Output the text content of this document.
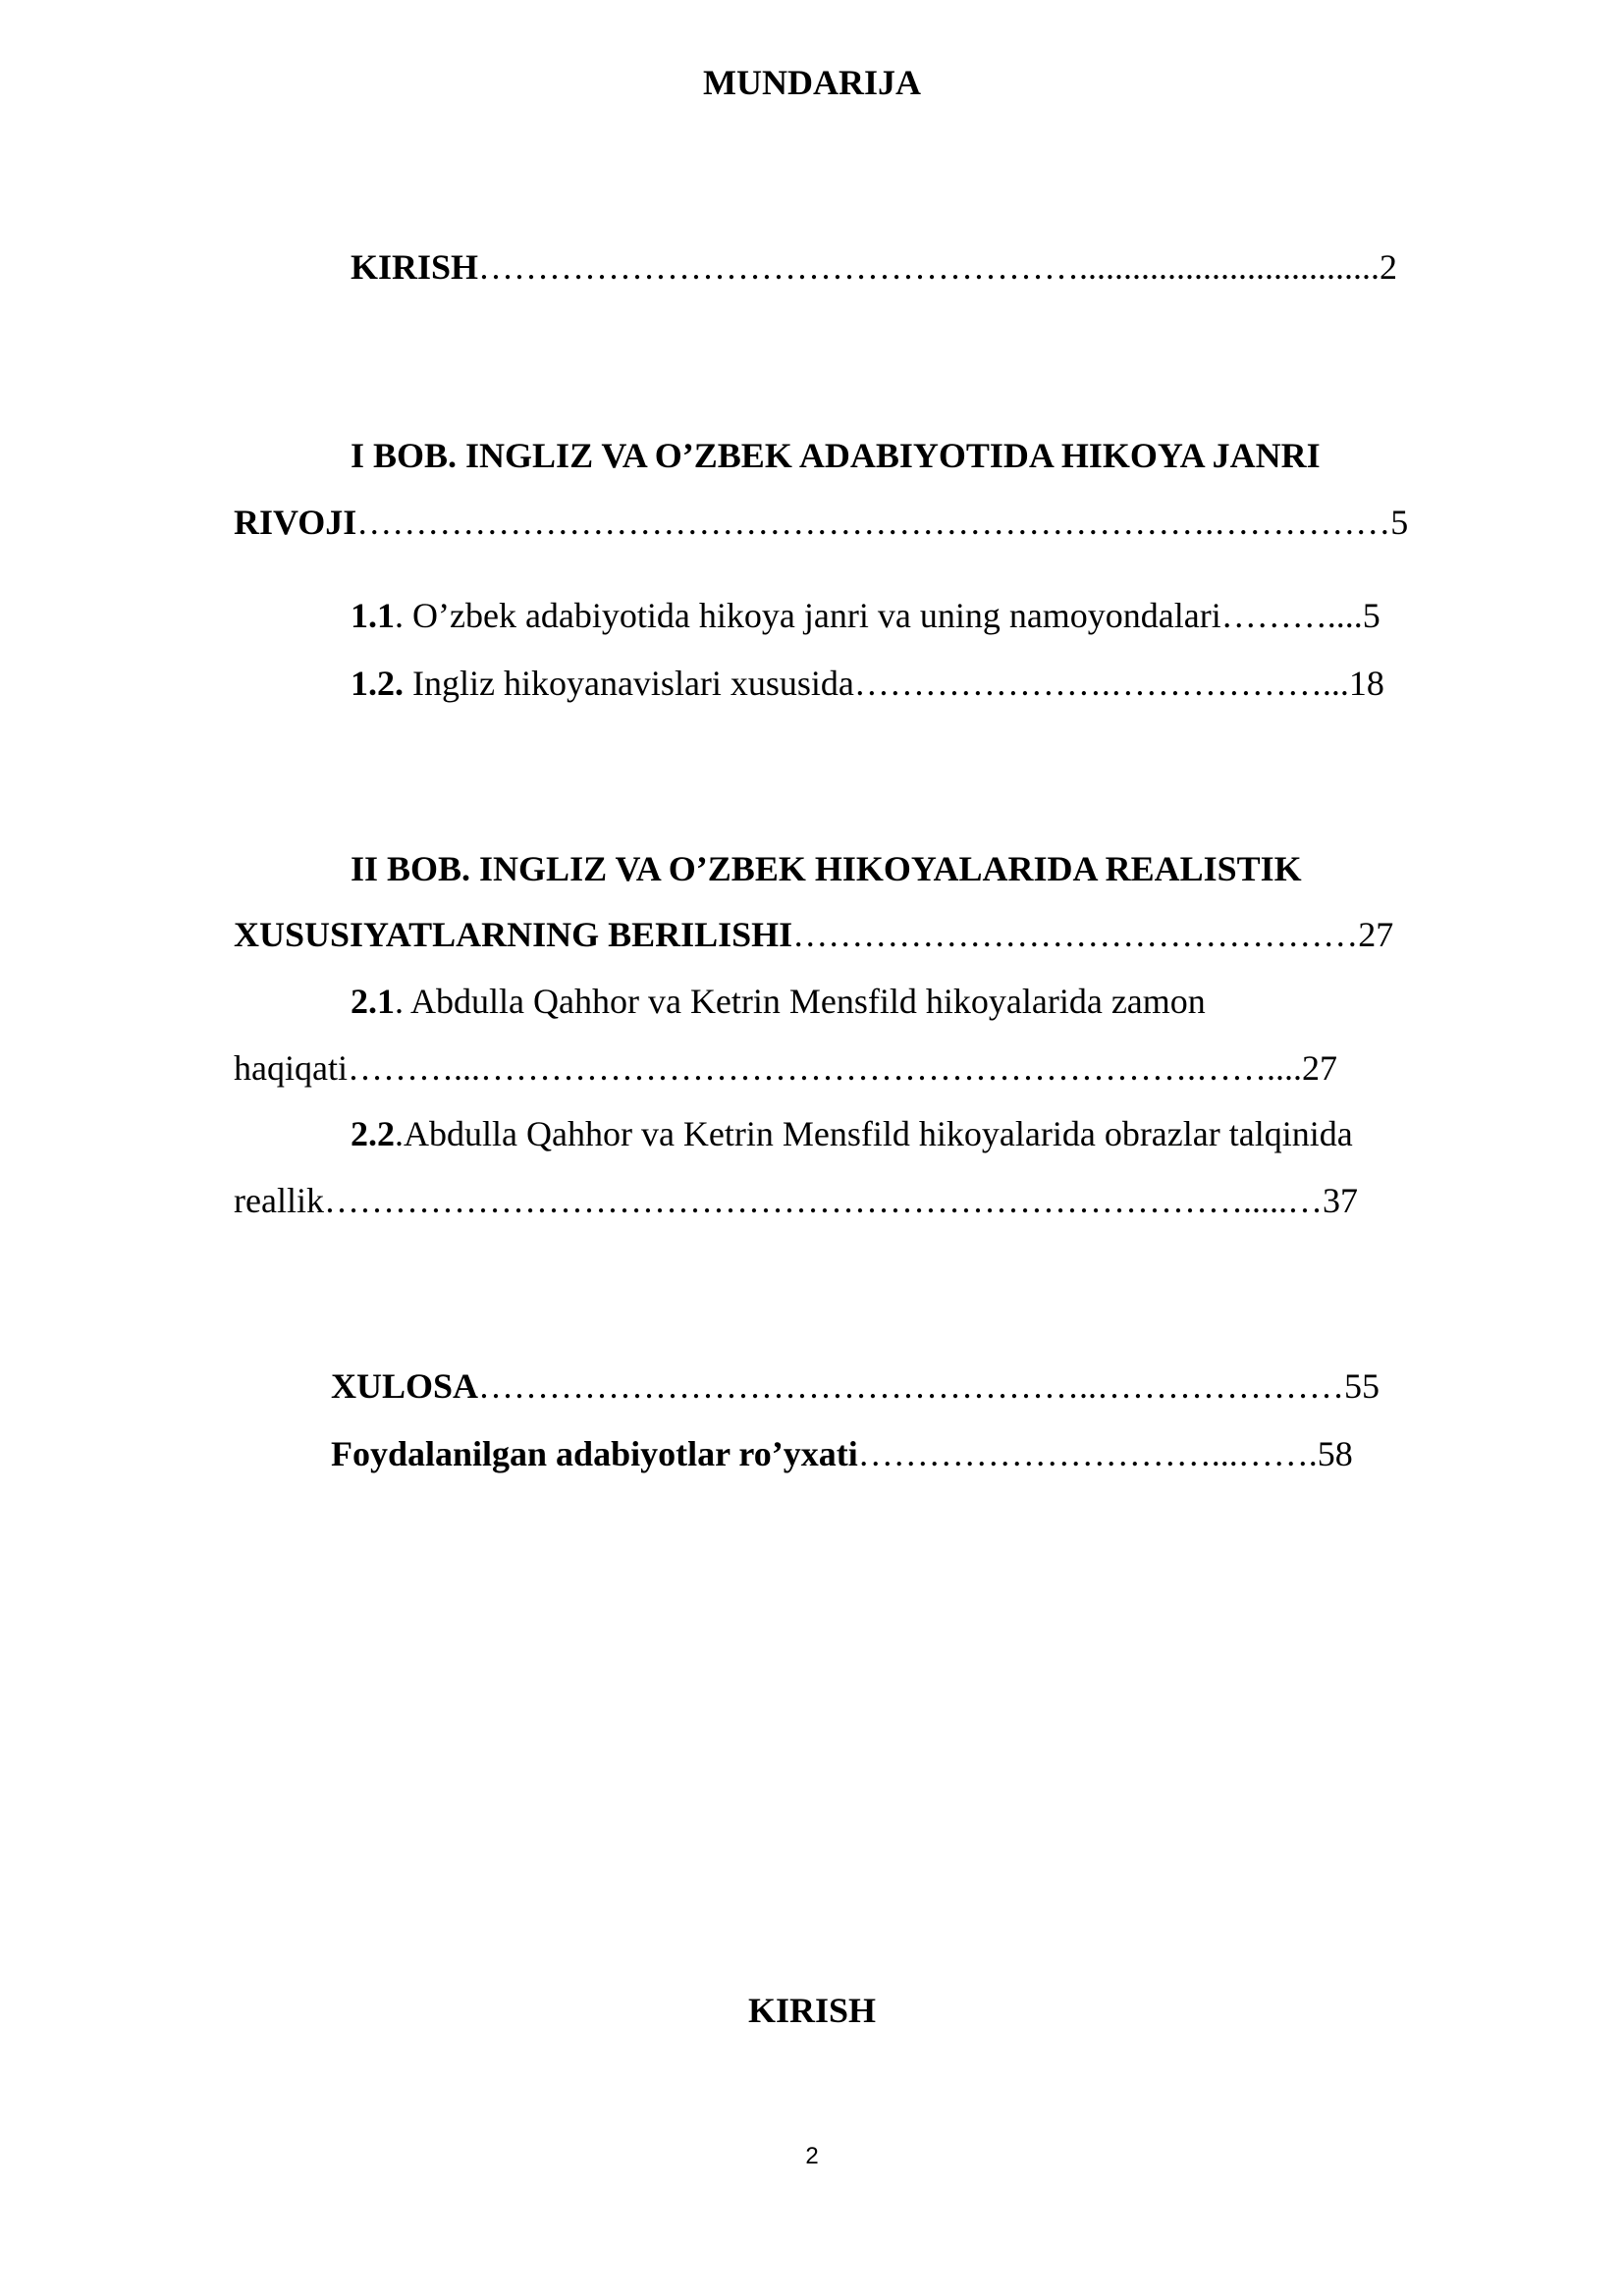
MUNDARIJA
KIRISH……………………………………………..................................2
I BOB. INGLIZ VA O’ZBEK ADABIYOTIDA HIKOYA JANRI
RIVOJI……………………………………………………………….……………5
1.1. O’zbek adabiyotida hikoya janri va uning namoyondalari………....5
1.2. Ingliz hikoyanavislari xususida………………….………………...18
II BOB. INGLIZ VA O’ZBEK HIKOYALARIDA REALISTIK
XUSUSIYATLARNING BERILISHI…………………………………………27
2.1. Abdulla Qahhor va Ketrin Mensfild hikoyalarida zamon
haqiqati………...…………………………………………………….……....27
2.2.Abdulla Qahhor va Ketrin Mensfild hikoyalarida obrazlar talqinida
reallik…………………………………………………………………….....…37
XULOSA……………………………………………..…………………55
Foydalanilgan adabiyotlar ro’yxati…………………………...…….58
KIRISH
2
